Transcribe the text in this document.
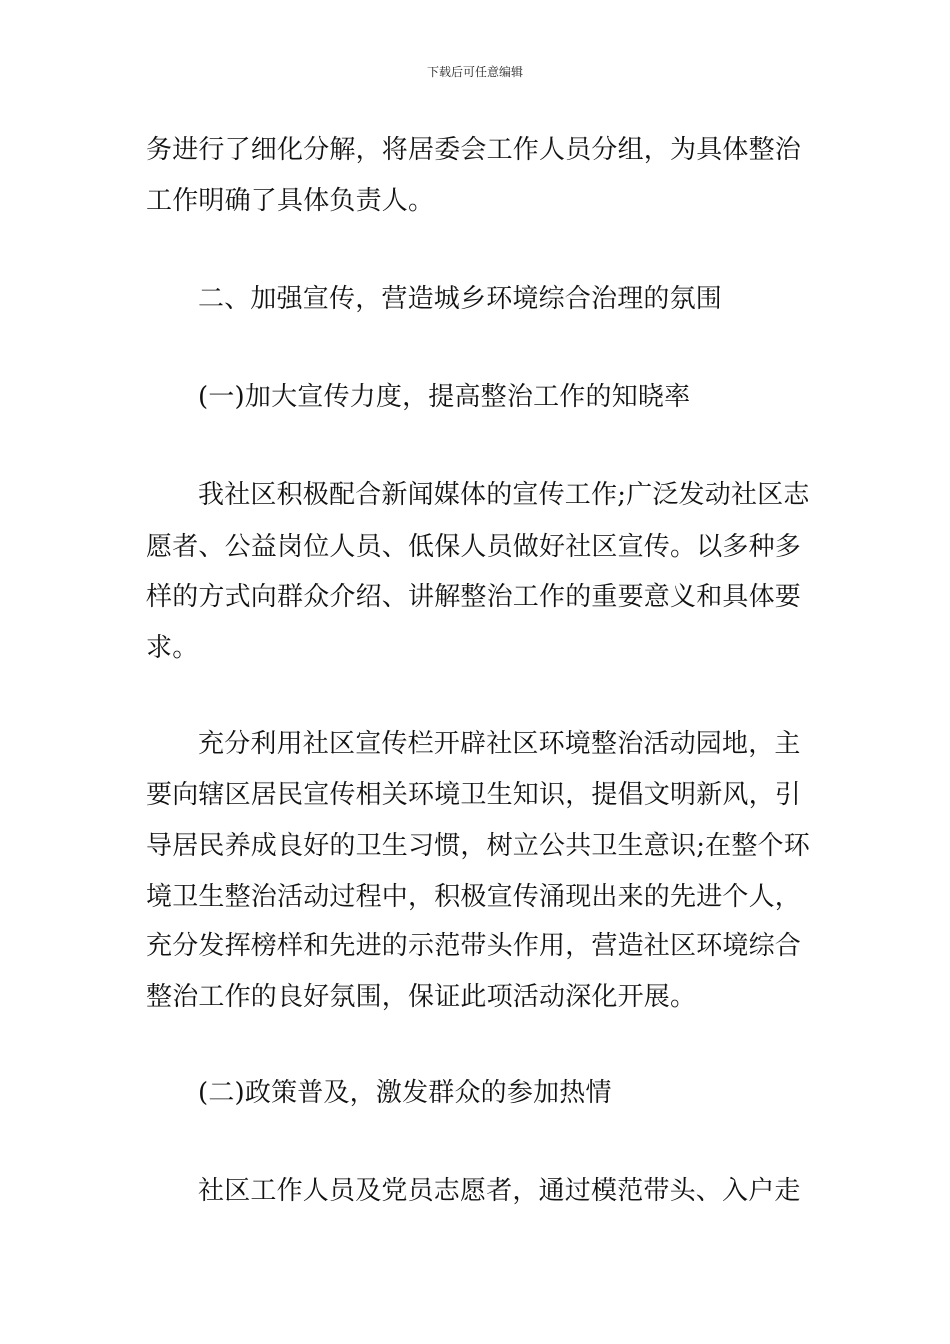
下载后可任意编辑
务进行了细化分解，将居委会工作人员分组，为具体整治
工作明确了具体负责人。
二、加强宣传，营造城乡环境综合治理的氛围
(一)加大宣传力度，提高整治工作的知晓率
我社区积极配合新闻媒体的宣传工作;广泛发动社区志
愿者、公益岗位人员、低保人员做好社区宣传。以多种多
样的方式向群众介绍、讲解整治工作的重要意义和具体要
求。
充分利用社区宣传栏开辟社区环境整治活动园地，主
要向辖区居民宣传相关环境卫生知识，提倡文明新风，引
导居民养成良好的卫生习惯，树立公共卫生意识;在整个环
境卫生整治活动过程中，积极宣传涌现出来的先进个人，
充分发挥榜样和先进的示范带头作用，营造社区环境综合
整治工作的良好氛围，保证此项活动深化开展。
(二)政策普及，激发群众的参加热情
社区工作人员及党员志愿者，通过模范带头、入户走
